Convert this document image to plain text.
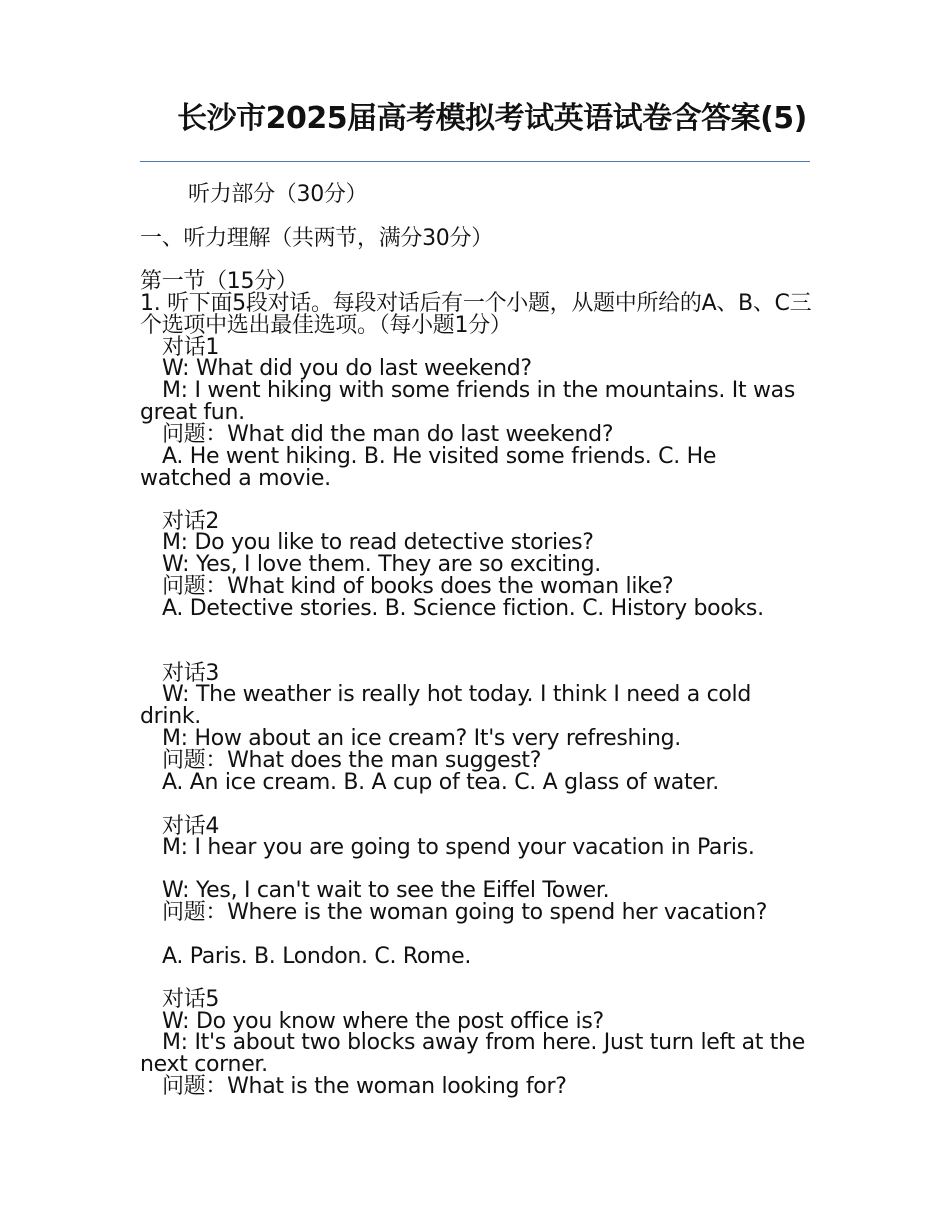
长沙市2025届高考模拟考试英语试卷含答案(5)

听力部分（30分）

一、听力理解（共两节，满分30分）

第一节（15分）

1. 听下面5段对话。每段对话后有一个小题，从题中所给的A、B、C三个选项中选出最佳选项。（每小题1分）

对话1

W: What did you do last weekend?

M: I went hiking with some friends in the mountains. It was great fun.

问题：What did the man do last weekend?

A. He went hiking. B. He visited some friends. C. He watched a movie.

对话2

M: Do you like to read detective stories?

W: Yes, I love them. They are so exciting.

问题：What kind of books does the woman like?

A. Detective stories. B. Science fiction. C. History books.

对话3

W: The weather is really hot today. I think I need a cold drink.

M: How about an ice cream? It's very refreshing.

问题：What does the man suggest?

A. An ice cream. B. A cup of tea. C. A glass of water.

对话4

M: I hear you are going to spend your vacation in Paris.

W: Yes, I can't wait to see the Eiffel Tower.

问题：Where is the woman going to spend her vacation?

A. Paris. B. London. C. Rome.

对话5

W: Do you know where the post office is?

M: It's about two blocks away from here. Just turn left at the next corner.

问题：What is the woman looking for?
